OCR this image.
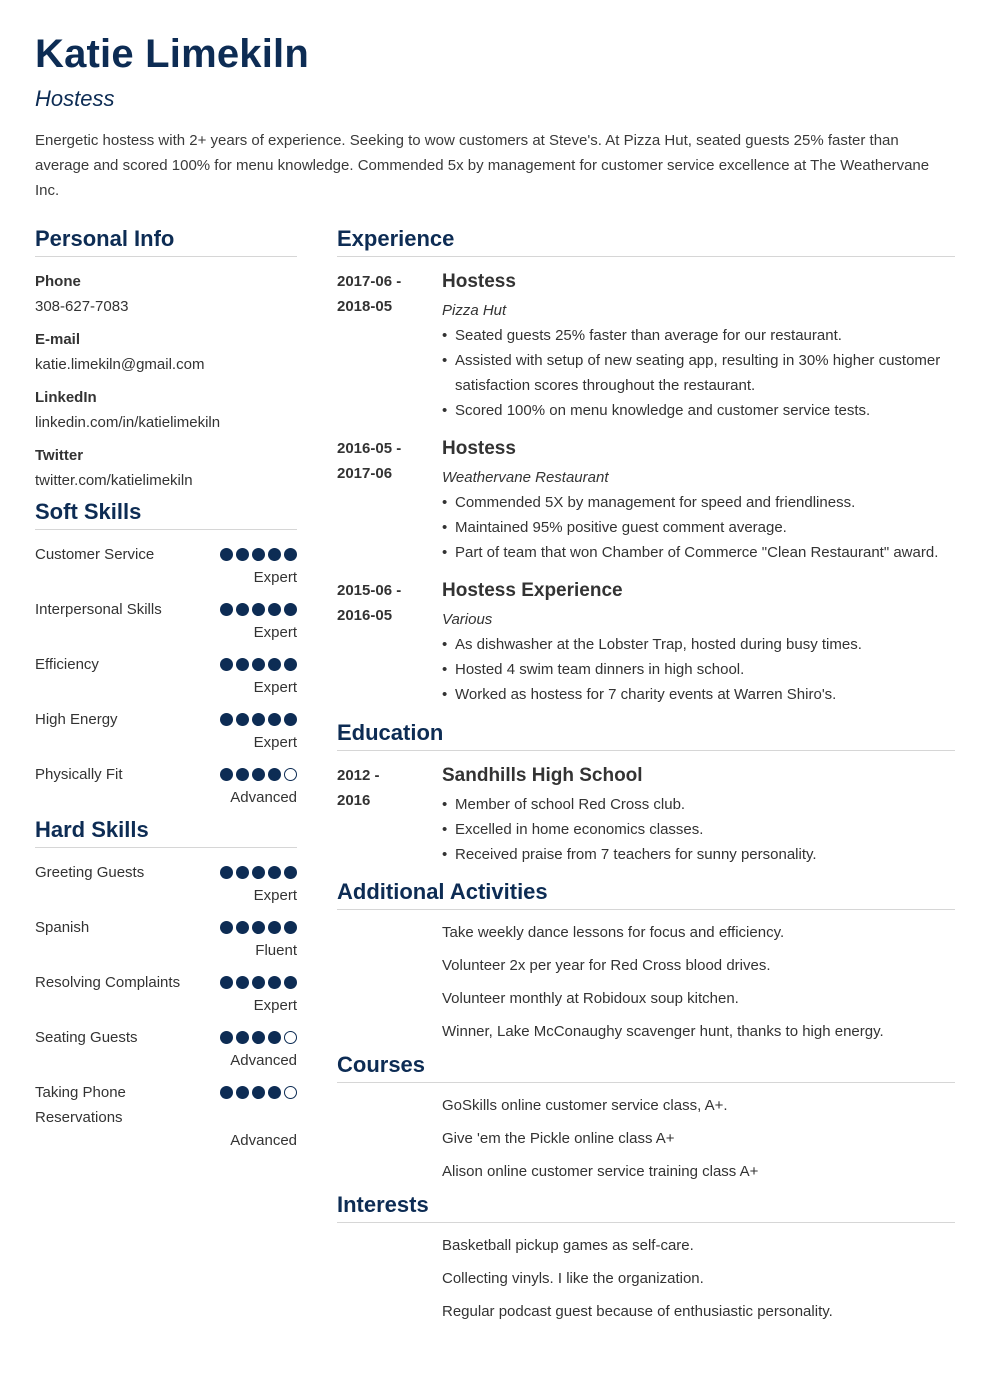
Katie Limekiln
Hostess
Energetic hostess with 2+ years of experience. Seeking to wow customers at Steve's. At Pizza Hut, seated guests 25% faster than average and scored 100% for menu knowledge. Commended 5x by management for customer service excellence at The Weathervane Inc.
Personal Info
Phone
308-627-7083
E-mail
katie.limekiln@gmail.com
LinkedIn
linkedin.com/in/katielimekiln
Twitter
twitter.com/katielimekiln
Soft Skills
Customer Service
Expert
Interpersonal Skills
Expert
Efficiency
Expert
High Energy
Expert
Physically Fit
Advanced
Hard Skills
Greeting Guests
Expert
Spanish
Fluent
Resolving Complaints
Expert
Seating Guests
Advanced
Taking Phone Reservations
Advanced
Experience
2017-06 -
2018-05
Hostess
Pizza Hut
• Seated guests 25% faster than average for our restaurant.
• Assisted with setup of new seating app, resulting in 30% higher customer satisfaction scores throughout the restaurant.
• Scored 100% on menu knowledge and customer service tests.
2016-05 -
2017-06
Hostess
Weathervane Restaurant
• Commended 5X by management for speed and friendliness.
• Maintained 95% positive guest comment average.
• Part of team that won Chamber of Commerce "Clean Restaurant" award.
2015-06 -
2016-05
Hostess Experience
Various
• As dishwasher at the Lobster Trap, hosted during busy times.
• Hosted 4 swim team dinners in high school.
• Worked as hostess for 7 charity events at Warren Shiro's.
Education
2012 -
2016
Sandhills High School
• Member of school Red Cross club.
• Excelled in home economics classes.
• Received praise from 7 teachers for sunny personality.
Additional Activities
Take weekly dance lessons for focus and efficiency.
Volunteer 2x per year for Red Cross blood drives.
Volunteer monthly at Robidoux soup kitchen.
Winner, Lake McConaughy scavenger hunt, thanks to high energy.
Courses
GoSkills online customer service class, A+.
Give 'em the Pickle online class A+
Alison online customer service training class A+
Interests
Basketball pickup games as self-care.
Collecting vinyls. I like the organization.
Regular podcast guest because of enthusiastic personality.
